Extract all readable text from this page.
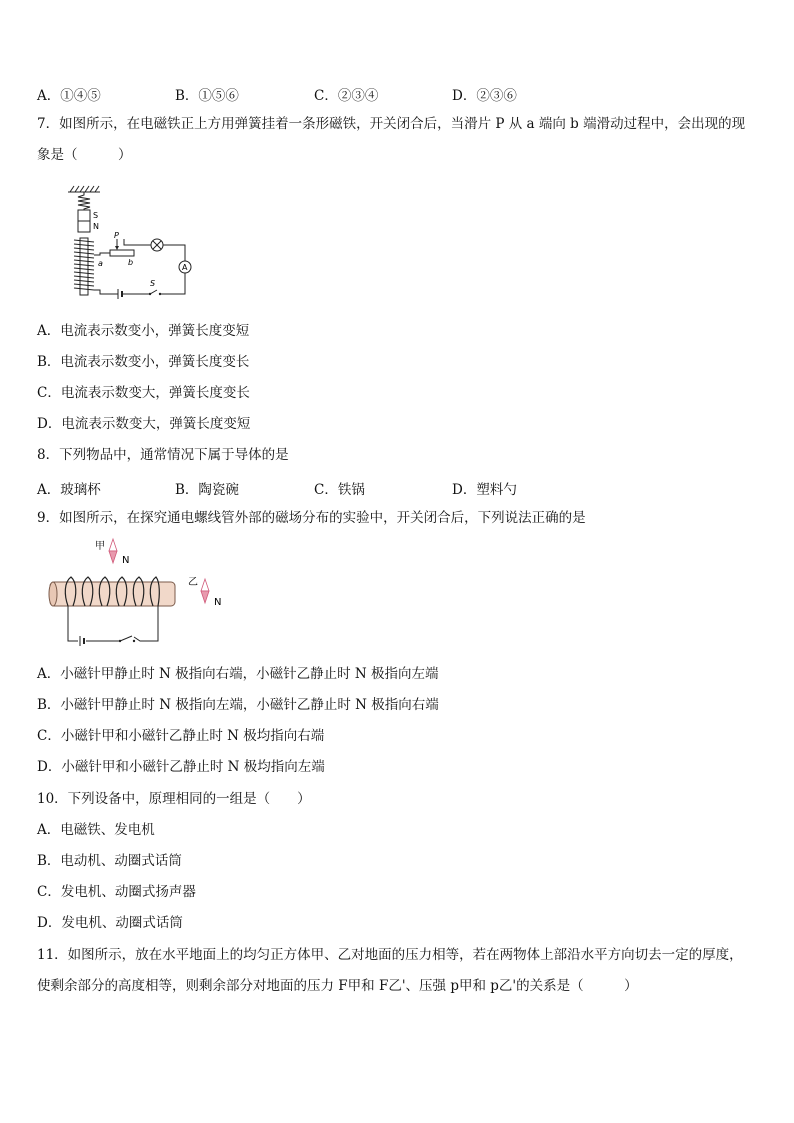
A．①④⑤	B．①⑤⑥	C．②③④	D．②③⑥
7．如图所示，在电磁铁正上方用弹簧挂着一条形磁铁，开关闭合后，当滑片 P 从 a 端向 b 端滑动过程中，会出现的现
象是（　　　）
S
N
P
a	b
A
S
A．电流表示数变小，弹簧长度变短
B．电流表示数变小，弹簧长度变长
C．电流表示数变大，弹簧长度变长
D．电流表示数变大，弹簧长度变短
8．下列物品中，通常情况下属于导体的是
A．玻璃杯	B．陶瓷碗	C．铁锅	D．塑料勺
9．如图所示，在探究通电螺线管外部的磁场分布的实验中，开关闭合后，下列说法正确的是
甲
N
乙
N
A．小磁针甲静止时 N 极指向右端，小磁针乙静止时 N 极指向左端
B．小磁针甲静止时 N 极指向左端，小磁针乙静止时 N 极指向右端
C．小磁针甲和小磁针乙静止时 N 极均指向右端
D．小磁针甲和小磁针乙静止时 N 极均指向左端
10．下列设备中，原理相同的一组是（　　）
A．电磁铁、发电机
B．电动机、动圈式话筒
C．发电机、动圈式扬声器
D．发电机、动圈式话筒
11．如图所示，放在水平地面上的均匀正方体甲、乙对地面的压力相等，若在两物体上部沿水平方向切去一定的厚度，
使剩余部分的高度相等，则剩余部分对地面的压力 F甲和 F乙'、压强 p甲和 p乙'的关系是（　　　）
